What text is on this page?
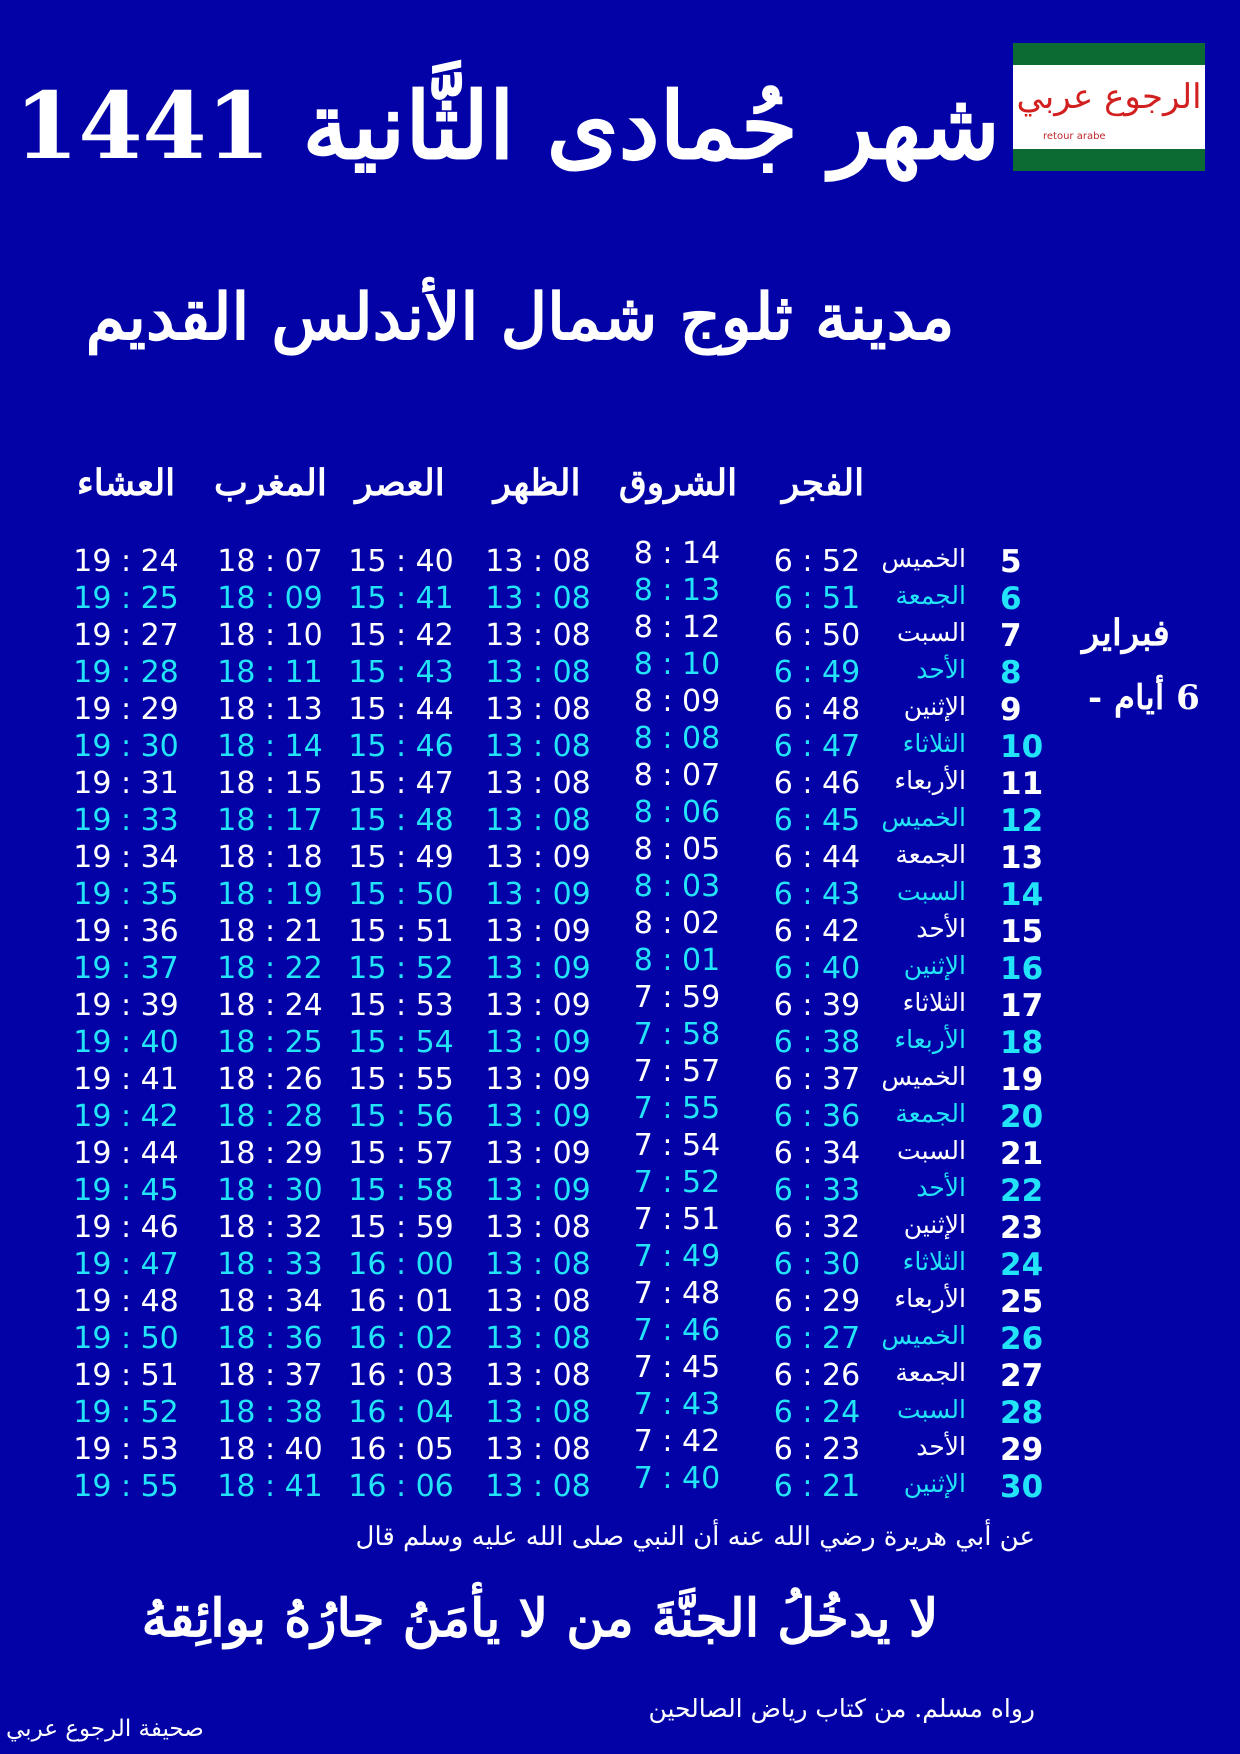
الرجوع عربي
retour arabe
شهر جُمادى الثَّانية 1441
مدينة ثلوج شمال الأندلس القديم
الفجر
الشروق
الظهر
العصر
المغرب
العشاء
فبراير
6 أيام -
19 : 24 18 : 07 15 : 40 13 : 08 8 : 14 6 : 52 الخميس 5
19 : 25 18 : 09 15 : 41 13 : 08 8 : 13 6 : 51	الجمعة 6
19 : 27 18 : 10 15 : 42 13 : 08 8 : 12 6 : 50	السبت 7
19 : 28 18 : 11 15 : 43 13 : 08 8 : 10 6 : 49	الأحد 8
19 : 29 18 : 13 15 : 44 13 : 08 8 : 09 6 : 48	الإثنين 9
19 : 30 18 : 14 15 : 46 13 : 08 8 : 08 6 : 47	الثلاثاء 10
19 : 31 18 : 15 15 : 47 13 : 08 8 : 07 6 : 46	الأربعاء 11
19 : 33 18 : 17 15 : 48 13 : 08 8 : 06 6 : 45 الخميس 12
19 : 34 18 : 18 15 : 49 13 : 09 8 : 05 6 : 44	الجمعة 13
19 : 35 18 : 19 15 : 50 13 : 09 8 : 03 6 : 43	السبت 14
19 : 36 18 : 21 15 : 51 13 : 09 8 : 02 6 : 42	الأحد 15
19 : 37 18 : 22 15 : 52 13 : 09 8 : 01 6 : 40	الإثنين 16
19 : 39 18 : 24 15 : 53 13 : 09 7 : 59 6 : 39	الثلاثاء 17
19 : 40 18 : 25 15 : 54 13 : 09 7 : 58 6 : 38	الأربعاء 18
19 : 41 18 : 26 15 : 55 13 : 09 7 : 57 6 : 37 الخميس 19
19 : 42 18 : 28 15 : 56 13 : 09 7 : 55 6 : 36	الجمعة 20
19 : 44 18 : 29 15 : 57 13 : 09 7 : 54 6 : 34	السبت 21
19 : 45 18 : 30 15 : 58 13 : 09 7 : 52 6 : 33	الأحد 22
19 : 46 18 : 32 15 : 59 13 : 08 7 : 51 6 : 32	الإثنين 23
19 : 47 18 : 33 16 : 00 13 : 08 7 : 49 6 : 30	الثلاثاء 24
19 : 48 18 : 34 16 : 01 13 : 08 7 : 48 6 : 29	الأربعاء 25
19 : 50 18 : 36 16 : 02 13 : 08 7 : 46 6 : 27 الخميس 26
19 : 51 18 : 37 16 : 03 13 : 08 7 : 45 6 : 26	الجمعة 27
19 : 52 18 : 38 16 : 04 13 : 08 7 : 43 6 : 24	السبت 28
19 : 53 18 : 40 16 : 05 13 : 08 7 : 42 6 : 23	الأحد 29
19 : 55 18 : 41 16 : 06 13 : 08 7 : 40 6 : 21	الإثنين 30
عن أبي هريرة رضي الله عنه أن النبي صلى الله عليه وسلم قال
لا يدخُلُ الجنَّةَ من لا يأمَنُ جارُهُ بوائِقهُ
رواه مسلم. من كتاب رياض الصالحين
صحيفة الرجوع عربي
